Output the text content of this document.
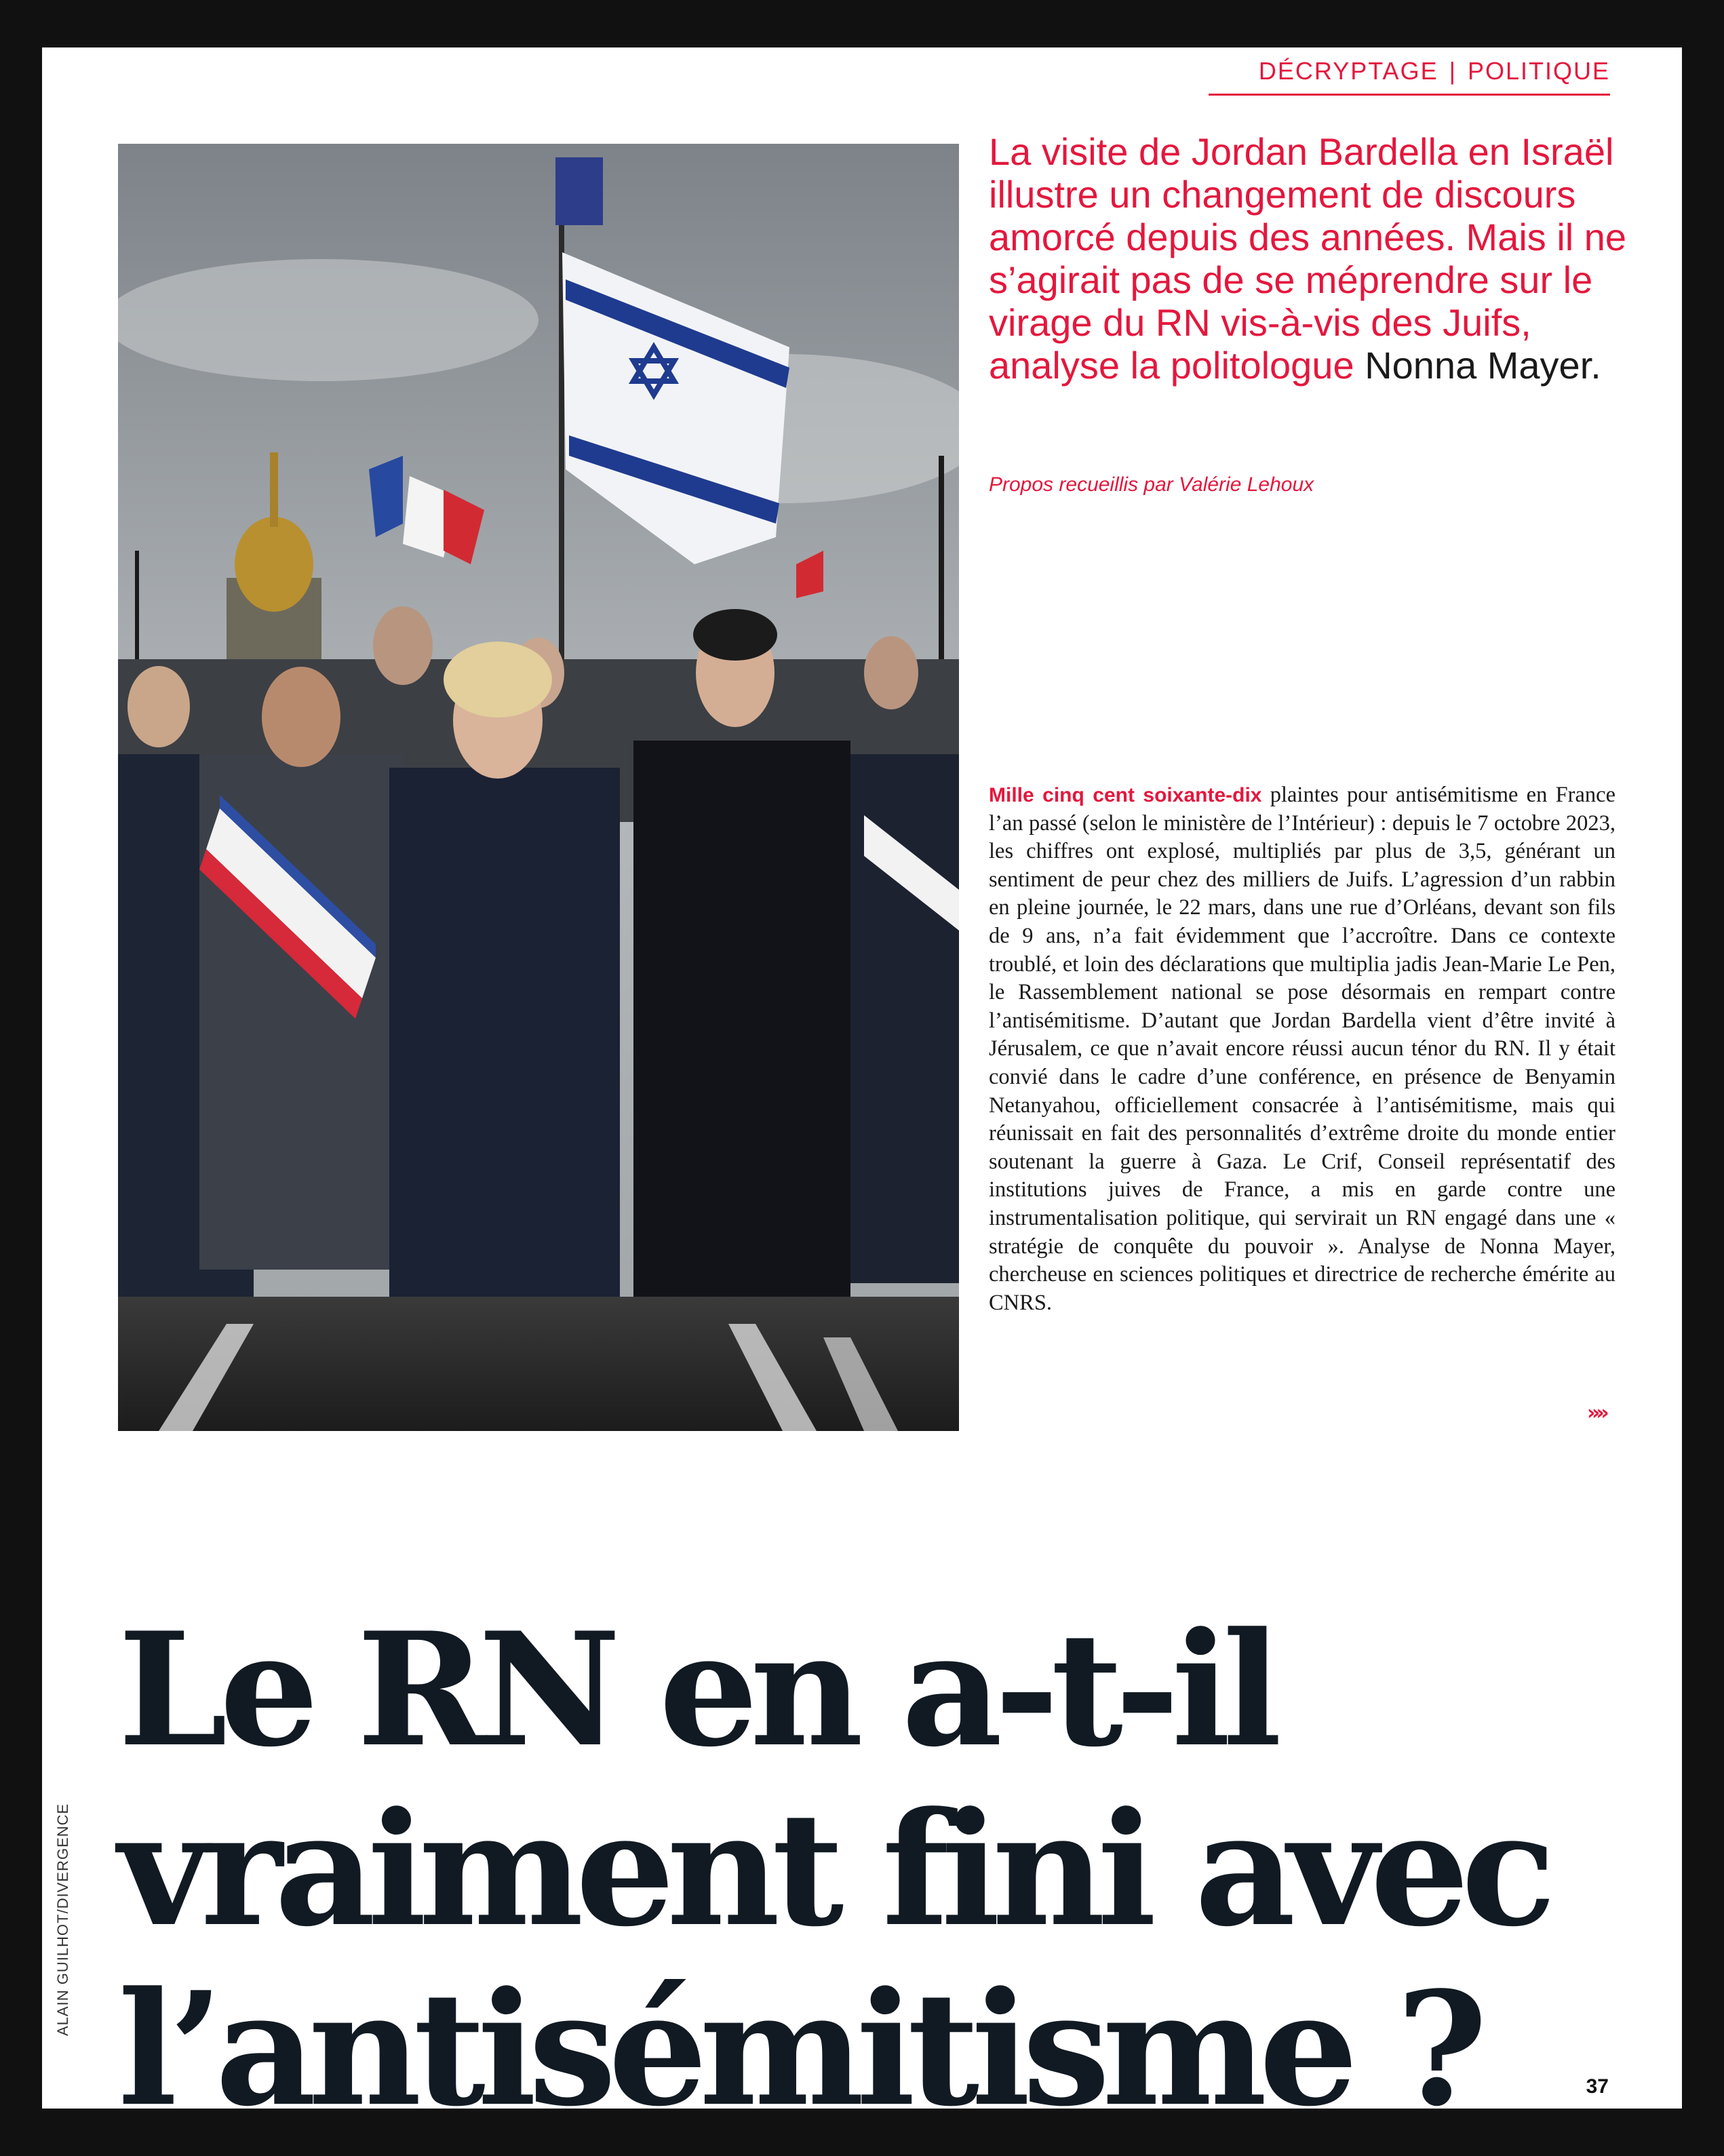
DÉCRYPTAGE | POLITIQUE
La visite de Jordan Bardella en Israël illustre un changement de discours amorcé depuis des années. Mais il ne s’agirait pas de se méprendre sur le virage du RN vis-à-vis des Juifs, analyse la politologue Nonna Mayer.
Propos recueillis par Valérie Lehoux
Mille cinq cent soixante-dix plaintes pour antisémitisme en France l’an passé (selon le ministère de l’Intérieur) : depuis le 7 octobre 2023, les chiffres ont explosé, multipliés par plus de 3,5, générant un sentiment de peur chez des milliers de Juifs. L’agression d’un rabbin en pleine journée, le 22 mars, dans une rue d’Orléans, devant son fils de 9 ans, n’a fait évidemment que l’accroître. Dans ce contexte troublé, et loin des déclarations que multiplia jadis Jean-Marie Le Pen, le Rassemblement national se pose désormais en rempart contre l’antisémitisme. D’autant que Jordan Bardella vient d’être invité à Jérusalem, ce que n’avait encore réussi aucun ténor du RN. Il y était convié dans le cadre d’une conférence, en présence de Benyamin Netanyahou, officiellement consacrée à l’antisémitisme, mais qui réunissait en fait des personnalités d’extrême droite du monde entier soutenant la guerre à Gaza. Le Crif, Conseil représentatif des institutions juives de France, a mis en garde contre une instrumentalisation politique, qui servirait un RN engagé dans une « stratégie de conquête du pouvoir ». Analyse de Nonna Mayer, chercheuse en sciences politiques et directrice de recherche émérite au CNRS.
»»
Le RN en a-t-il
vraiment fini avec
l’antisémitisme ?
ALAIN GUILHOT/DIVERGENCE
37
